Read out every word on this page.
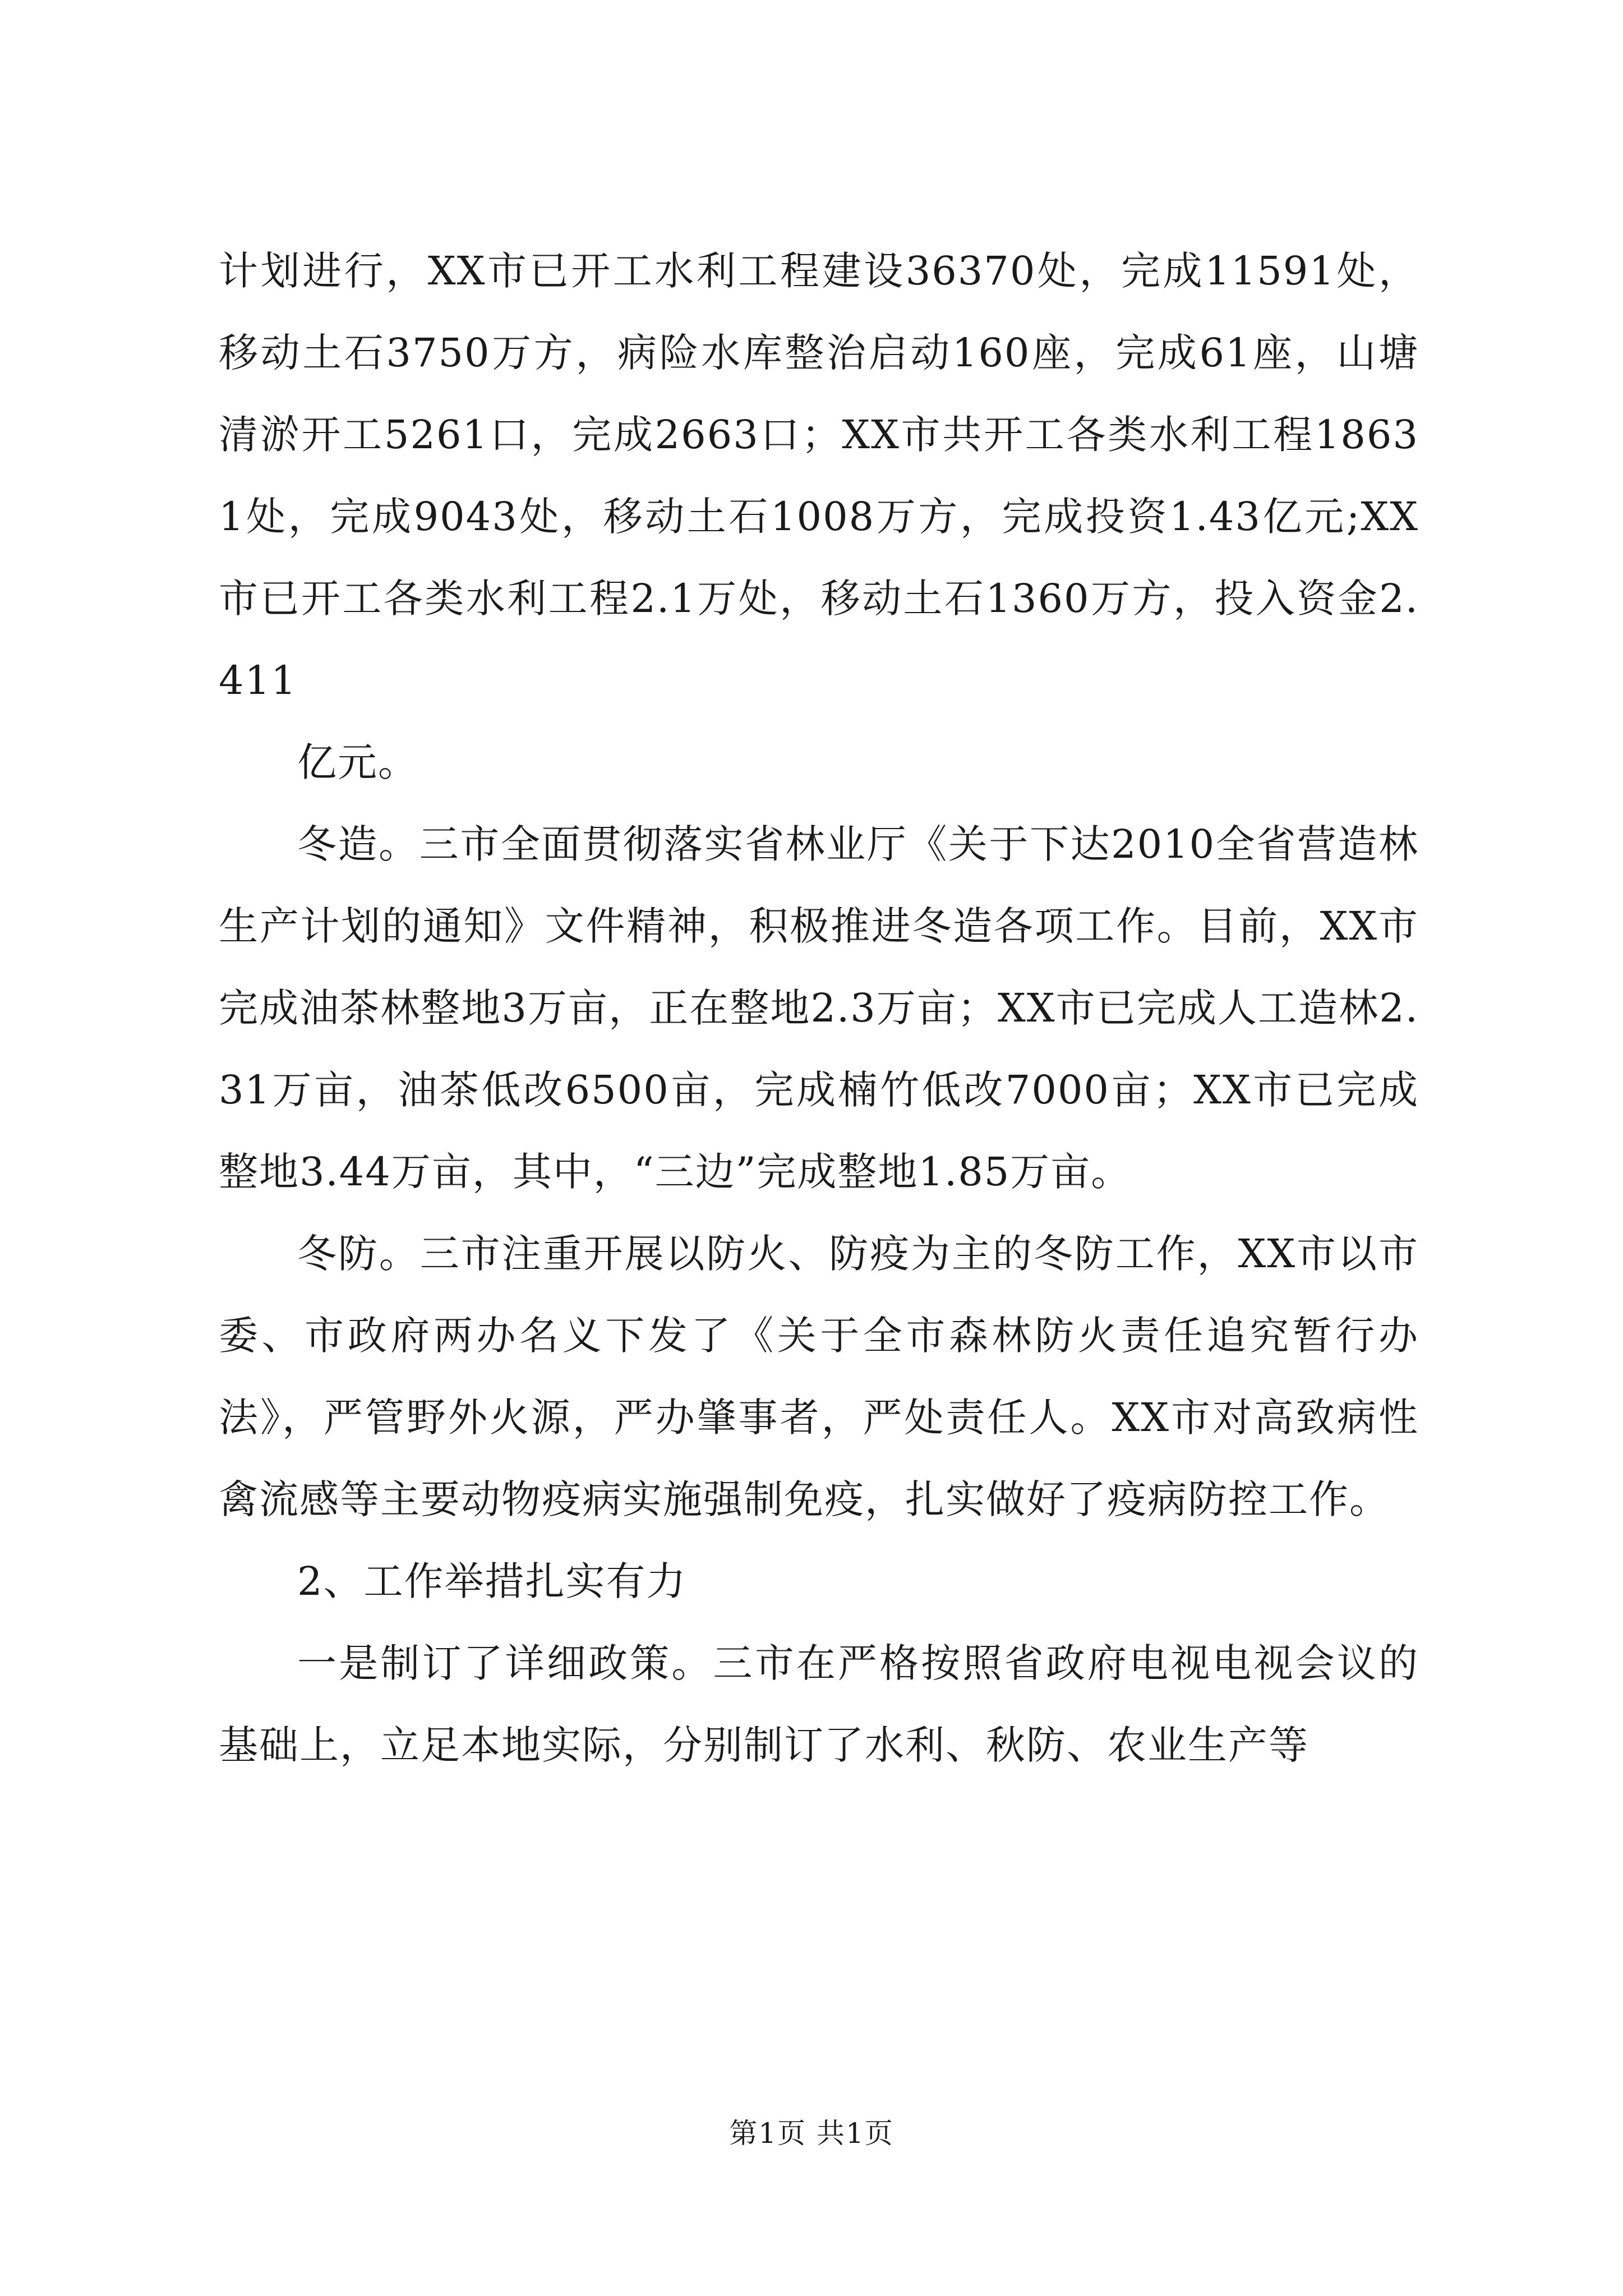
计划进行，XX市已开工水利工程建设36370处，完成11591处，移动土石3750万方，病险水库整治启动160座，完成61座，山塘清淤开工5261口，完成2663口；XX市共开工各类水利工程18631处，完成9043处，移动土石1008万方，完成投资1.43亿元;XX市已开工各类水利工程2.1万处，移动土石1360万方，投入资金2.411

亿元。

冬造。三市全面贯彻落实省林业厅《关于下达2010全省营造林生产计划的通知》文件精神，积极推进冬造各项工作。目前，XX市完成油茶林整地3万亩，正在整地2.3万亩；XX市已完成人工造林2.31万亩，油茶低改6500亩，完成楠竹低改7000亩；XX市已完成整地3.44万亩，其中，“三边”完成整地1.85万亩。

冬防。三市注重开展以防火、防疫为主的冬防工作，XX市以市委、市政府两办名义下发了《关于全市森林防火责任追究暂行办法》，严管野外火源，严办肇事者，严处责任人。XX市对高致病性禽流感等主要动物疫病实施强制免疫，扎实做好了疫病防控工作。

2、工作举措扎实有力

一是制订了详细政策。三市在严格按照省政府电视电视会议的基础上，立足本地实际，分别制订了水利、秋防、农业生产等

第1页 共1页
